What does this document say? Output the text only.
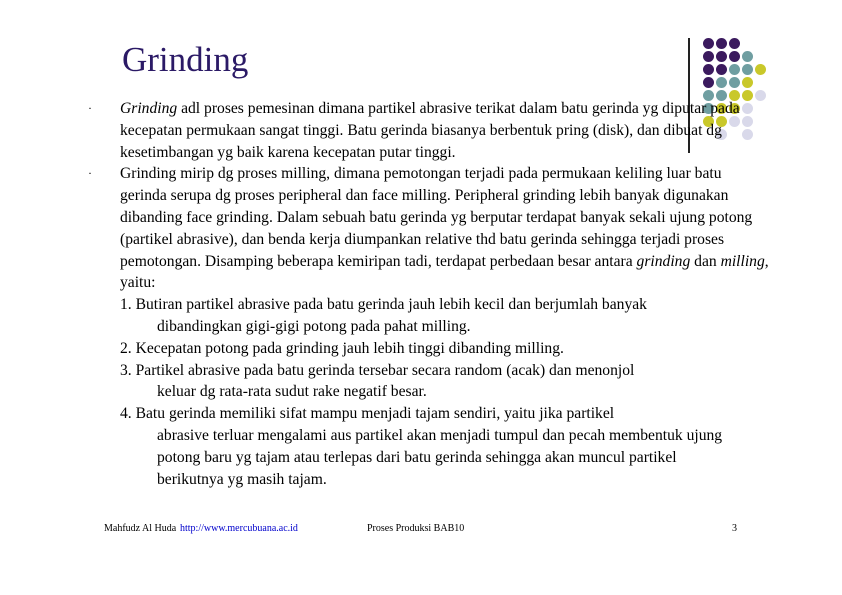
Grinding
·
·

Grinding adl proses pemesinan dimana partikel abrasive terikat dalam batu gerinda yg diputar pada kecepatan permukaan sangat tinggi. Batu gerinda biasanya berbentuk pring (disk), dan dibuat dg kesetimbangan yg baik karena kecepatan putar tinggi.

Grinding mirip dg proses milling, dimana pemotongan terjadi pada permukaan keliling luar batu gerinda serupa dg proses peripheral dan face milling. Peripheral grinding lebih banyak digunakan dibanding face grinding. Dalam sebuah batu gerinda yg berputar terdapat banyak sekali ujung potong (partikel abrasive), dan benda kerja diumpankan relative thd batu gerinda sehingga terjadi proses pemotongan. Disamping beberapa kemiripan tadi, terdapat perbedaan besar antara grinding dan milling, yaitu:

1. Butiran partikel abrasive pada batu gerinda jauh lebih kecil dan berjumlah banyak
dibandingkan gigi-gigi potong pada pahat milling.
2. Kecepatan potong pada grinding jauh lebih tinggi dibanding milling.
3. Partikel abrasive pada batu gerinda tersebar secara random (acak) dan menonjol
keluar dg rata-rata sudut rake negatif besar.
4. Batu gerinda memiliki sifat mampu menjadi tajam sendiri, yaitu jika partikel
abrasive terluar mengalami aus partikel akan menjadi tumpul dan pecah membentuk ujung potong baru yg tajam atau terlepas dari batu gerinda sehingga akan muncul partikel berikutnya yg masih tajam.
Mahfudz Al Huda http://www.mercubuana.ac.id	Proses Produksi BAB10	3
